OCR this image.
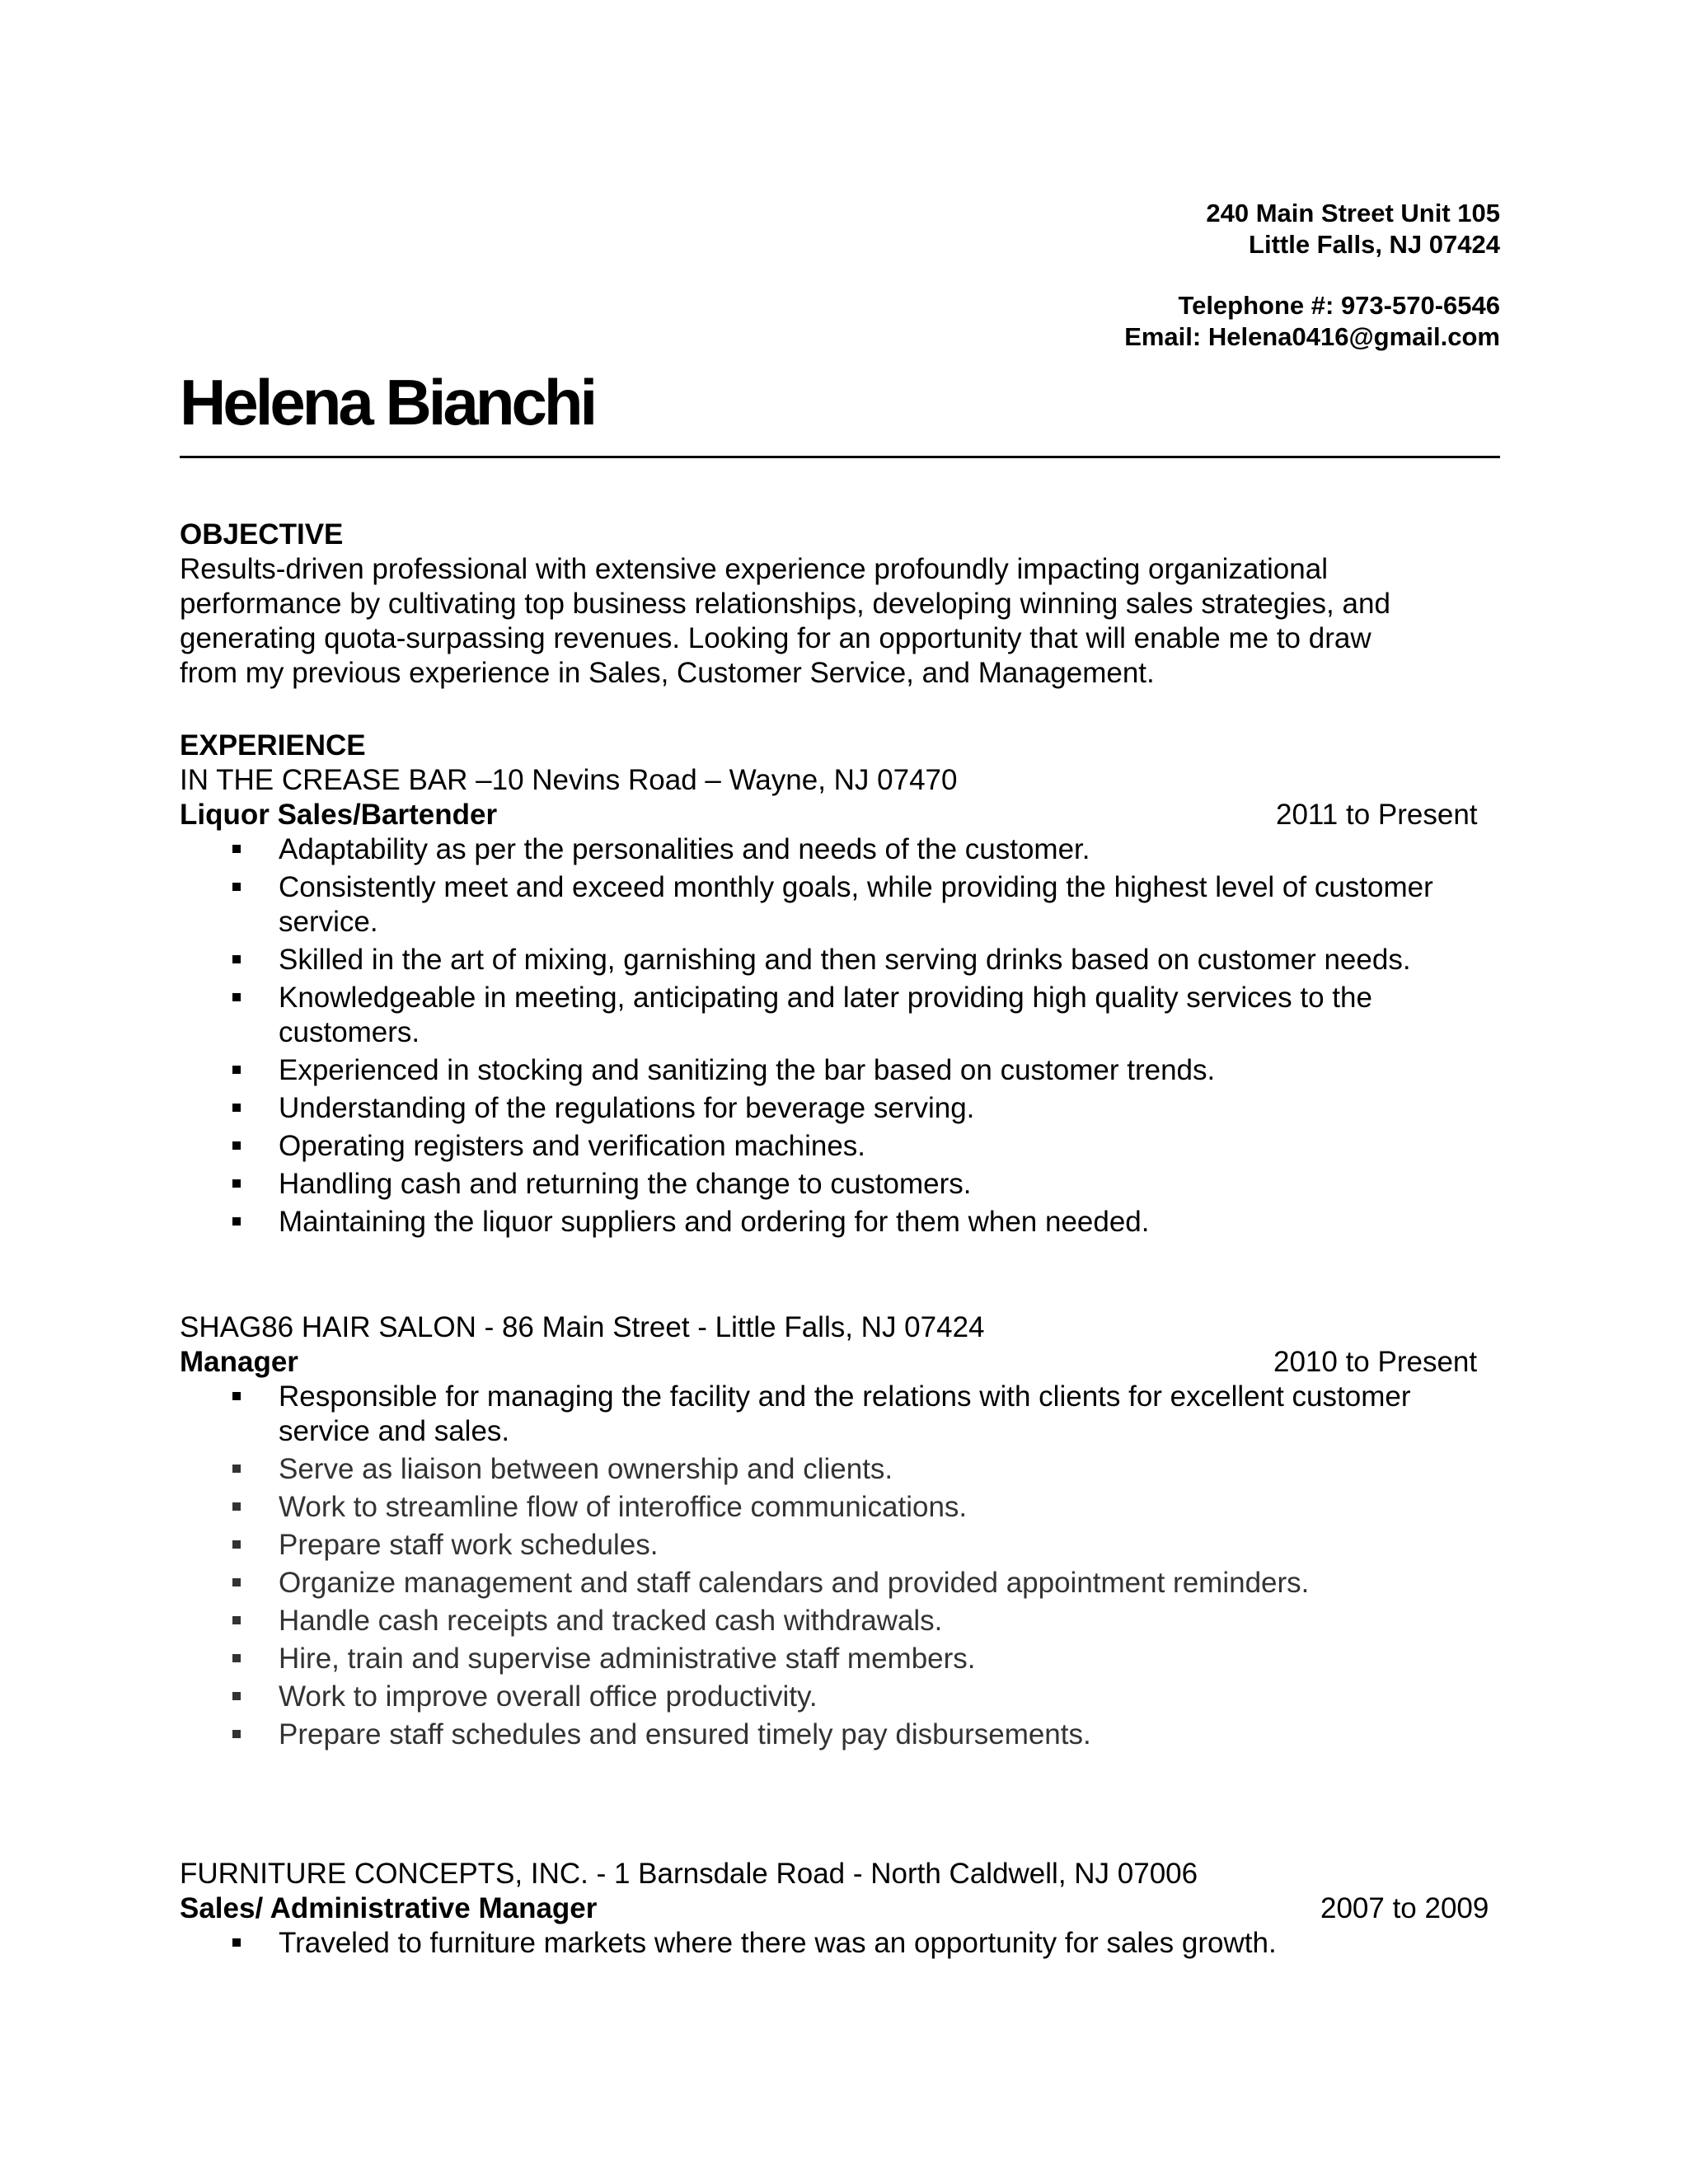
240 Main Street Unit 105
Little Falls, NJ 07424
Telephone #: 973-570-6546
Email: Helena0416@gmail.com
Helena Bianchi

OBJECTIVE

Results-driven professional with extensive experience profoundly impacting organizational

performance by cultivating top business relationships, developing winning sales strategies, and

generating quota-surpassing revenues. Looking for an opportunity that will enable me to draw

from my previous experience in Sales, Customer Service, and Management.

EXPERIENCE

IN THE CREASE BAR –10 Nevins Road – Wayne, NJ 07470

Liquor Sales/Bartender	2011 to Present
Adaptability as per the personalities and needs of the customer.
Consistently meet and exceed monthly goals, while providing the highest level of customer service.
Skilled in the art of mixing, garnishing and then serving drinks based on customer needs.
Knowledgeable in meeting, anticipating and later providing high quality services to the customers.
Experienced in stocking and sanitizing the bar based on customer trends.
Understanding of the regulations for beverage serving.
Operating registers and verification machines.
Handling cash and returning the change to customers.
Maintaining the liquor suppliers and ordering for them when needed.

SHAG86 HAIR SALON - 86 Main Street - Little Falls, NJ 07424

Manager	2010 to Present
Responsible for managing the facility and the relations with clients for excellent customer service and sales.
Serve as liaison between ownership and clients.
Work to streamline flow of interoffice communications.
Prepare staff work schedules.
Organize management and staff calendars and provided appointment reminders.
Handle cash receipts and tracked cash withdrawals.
Hire, train and supervise administrative staff members.
Work to improve overall office productivity.
Prepare staff schedules and ensured timely pay disbursements.

FURNITURE CONCEPTS, INC. - 1 Barnsdale Road - North Caldwell, NJ 07006

Sales/ Administrative Manager	2007 to 2009
Traveled to furniture markets where there was an opportunity for sales growth.
